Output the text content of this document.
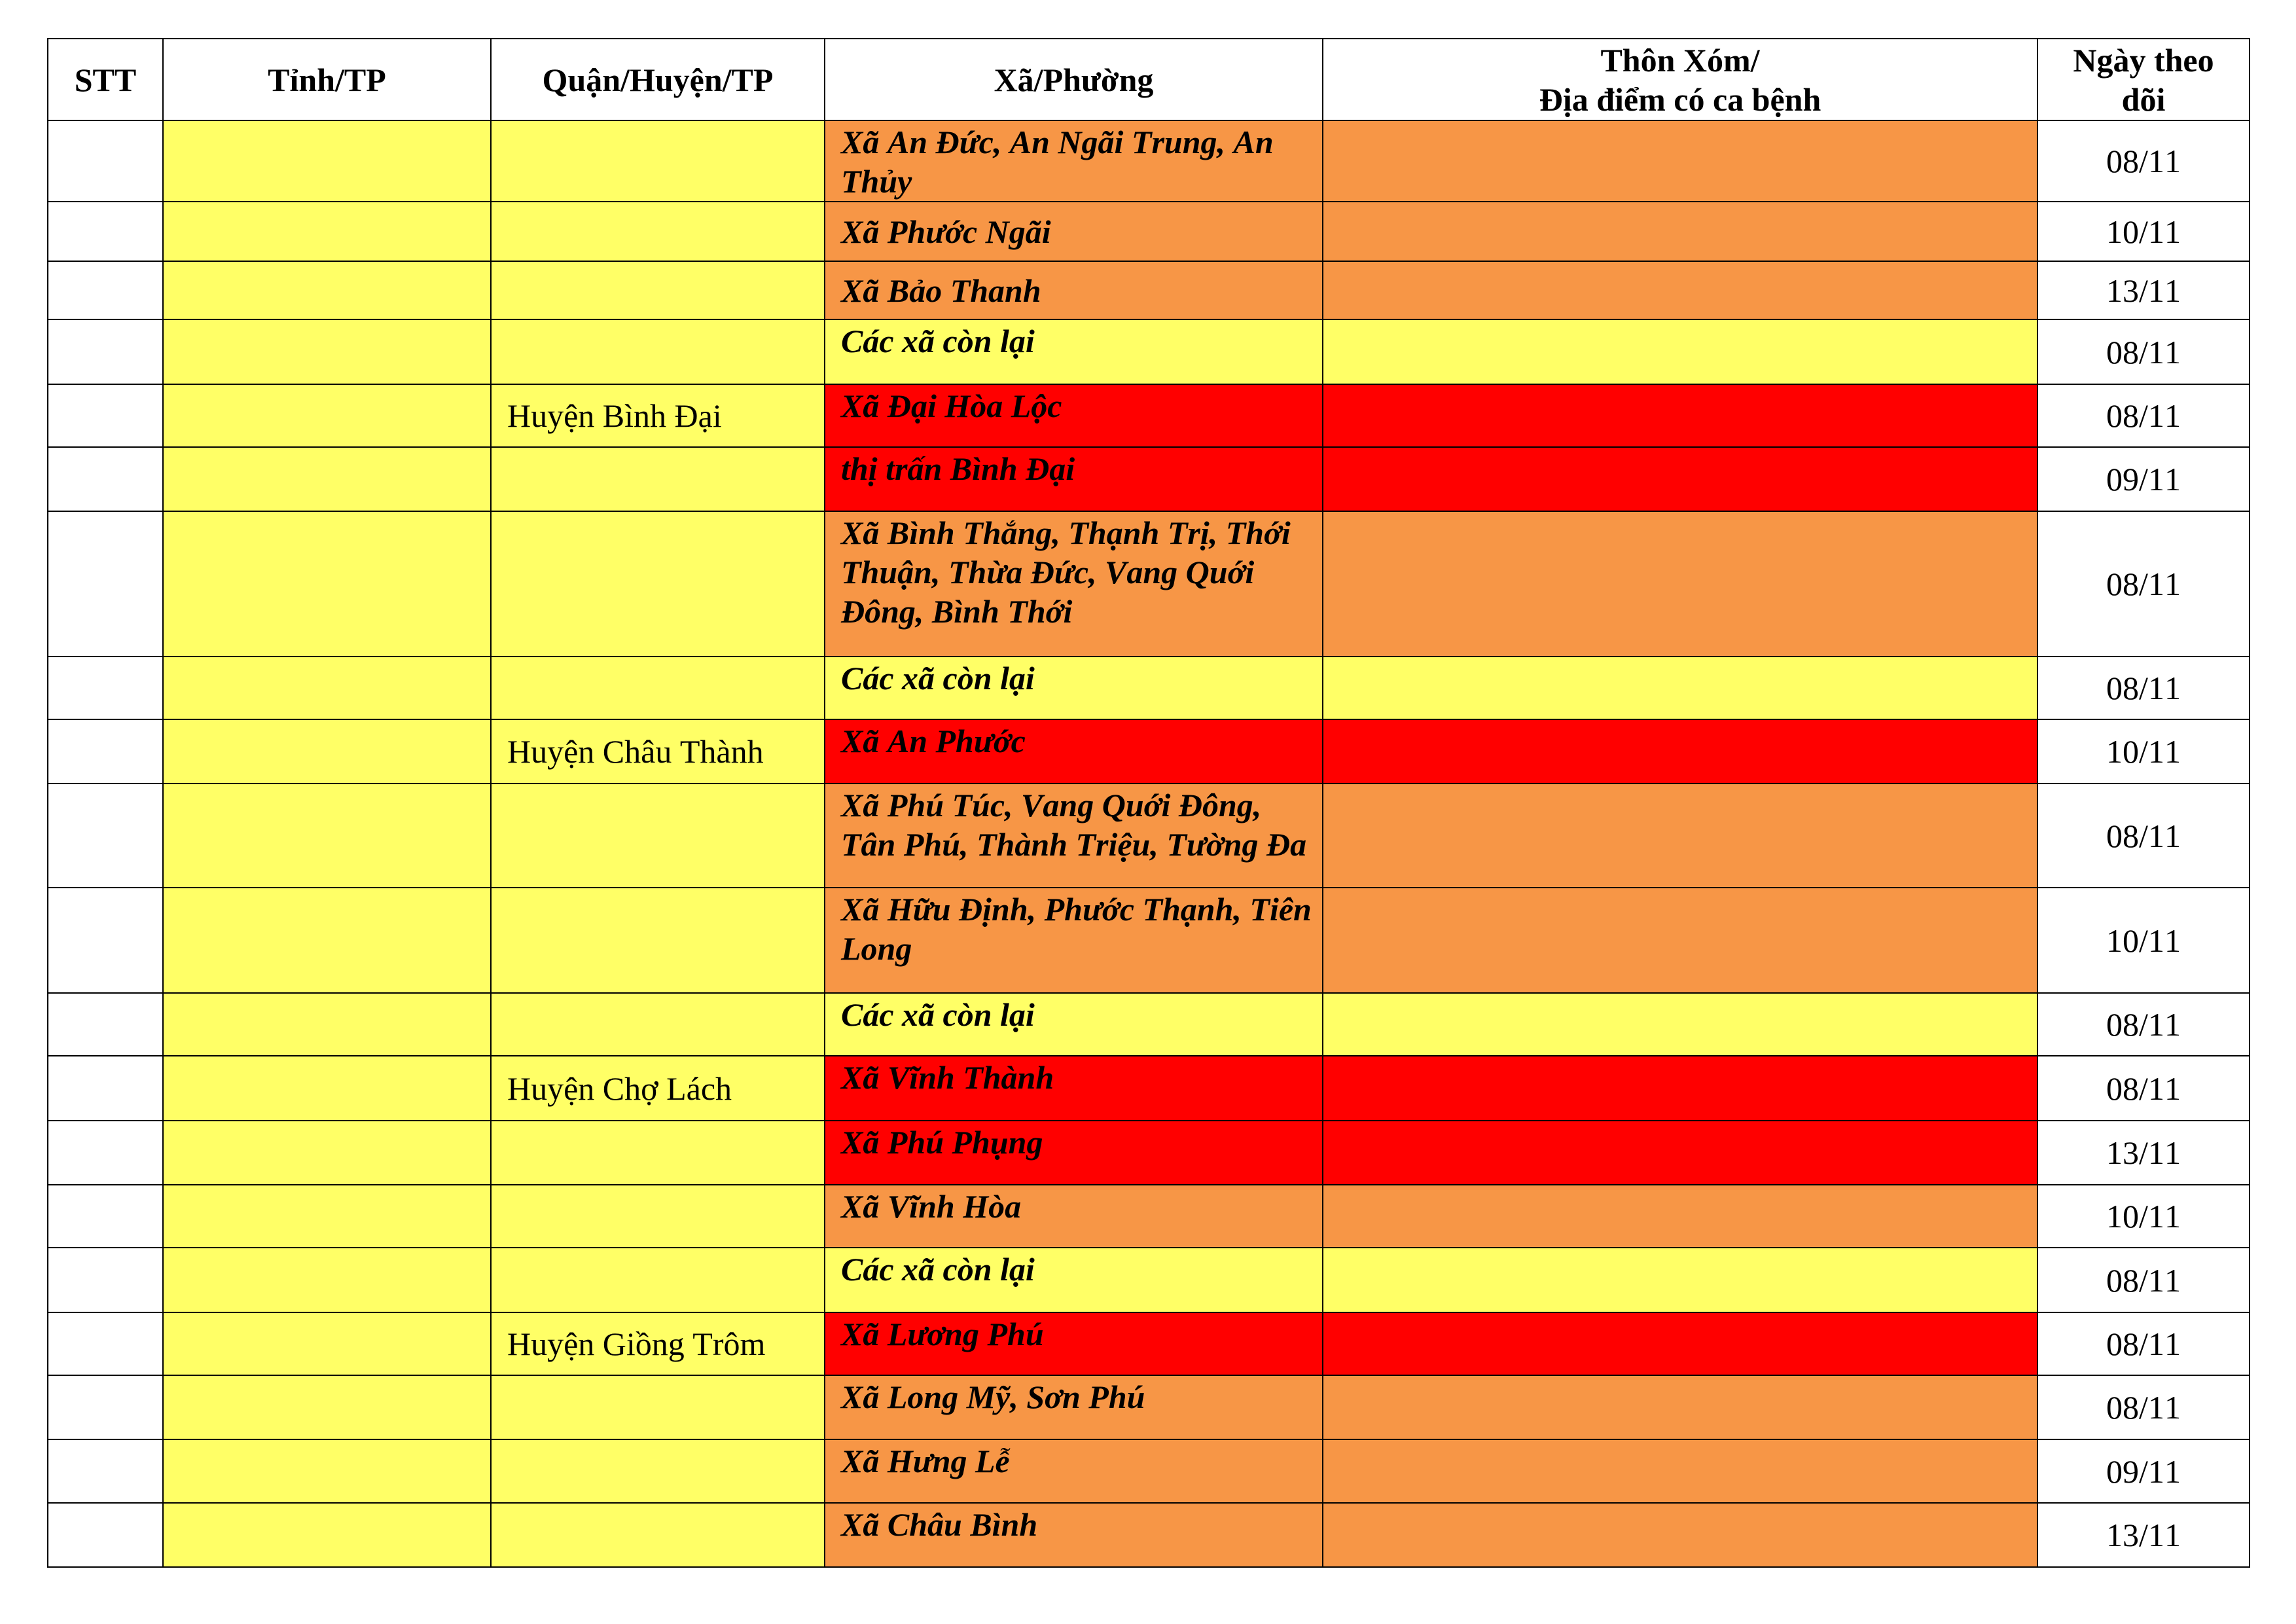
STT	Tỉnh/TP	Quận/Huyện/TP	Xã/Phường	Thôn Xóm/
Địa điểm có ca bệnh	Ngày theo dõi
			Xã An Đức, An Ngãi Trung, An Thủy		08/11
			Xã Phước Ngãi		10/11
			Xã Bảo Thanh		13/11
			Các xã còn lại		08/11
		Huyện Bình Đại	Xã Đại Hòa Lộc		08/11
			thị trấn Bình Đại		09/11
			Xã Bình Thắng, Thạnh Trị, Thới Thuận, Thừa Đức, Vang Quới Đông, Bình Thới		08/11
			Các xã còn lại		08/11
		Huyện Châu Thành	Xã An Phước		10/11
			Xã Phú Túc, Vang Quới Đông, Tân Phú, Thành Triệu, Tường Đa		08/11
			Xã Hữu Định, Phước Thạnh, Tiên Long		10/11
			Các xã còn lại		08/11
		Huyện Chợ Lách	Xã Vĩnh Thành		08/11
			Xã Phú Phụng		13/11
			Xã Vĩnh Hòa		10/11
			Các xã còn lại		08/11
		Huyện Giồng Trôm	Xã Lương Phú		08/11
			Xã Long Mỹ, Sơn Phú		08/11
			Xã Hưng Lễ		09/11
			Xã Châu Bình		13/11
